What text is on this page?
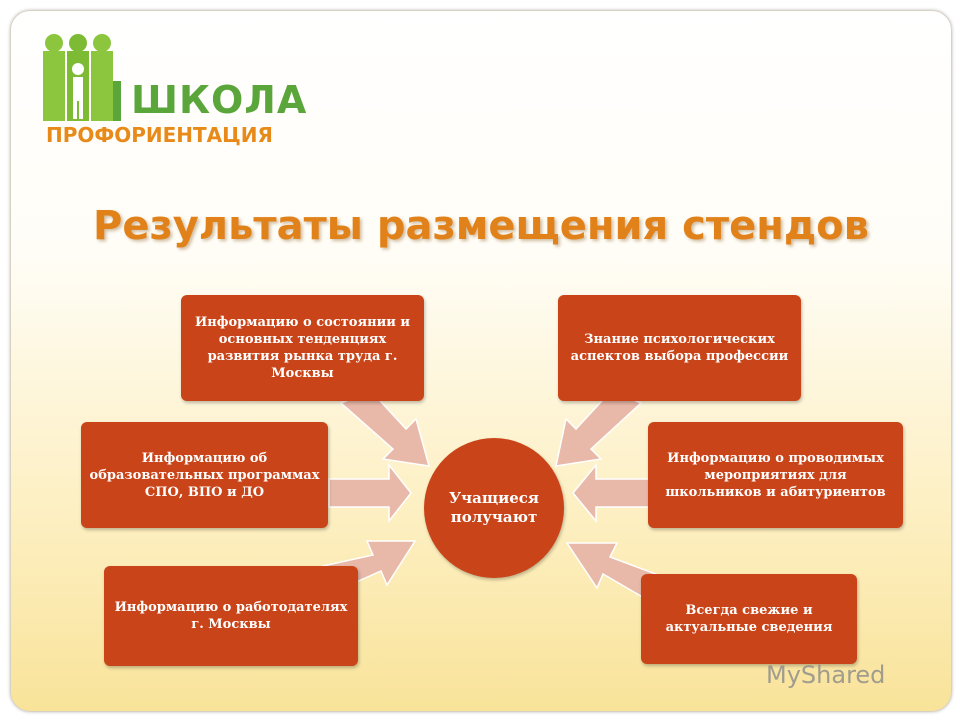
ШКОЛА
ПРОФОРИЕНТАЦИЯ
Результаты размещения стендов
Информацию о состоянии и основных тенденциях развития рынка труда г. Москвы
Информацию об образовательных программах СПО, ВПО и ДО
Информацию о работодателях г. Москвы
Знание психологических аспектов выбора профессии
Информацию о проводимых мероприятиях для школьников и абитуриентов
Всегда свежие и актуальные сведения
Учащиеся получают
MyShared
